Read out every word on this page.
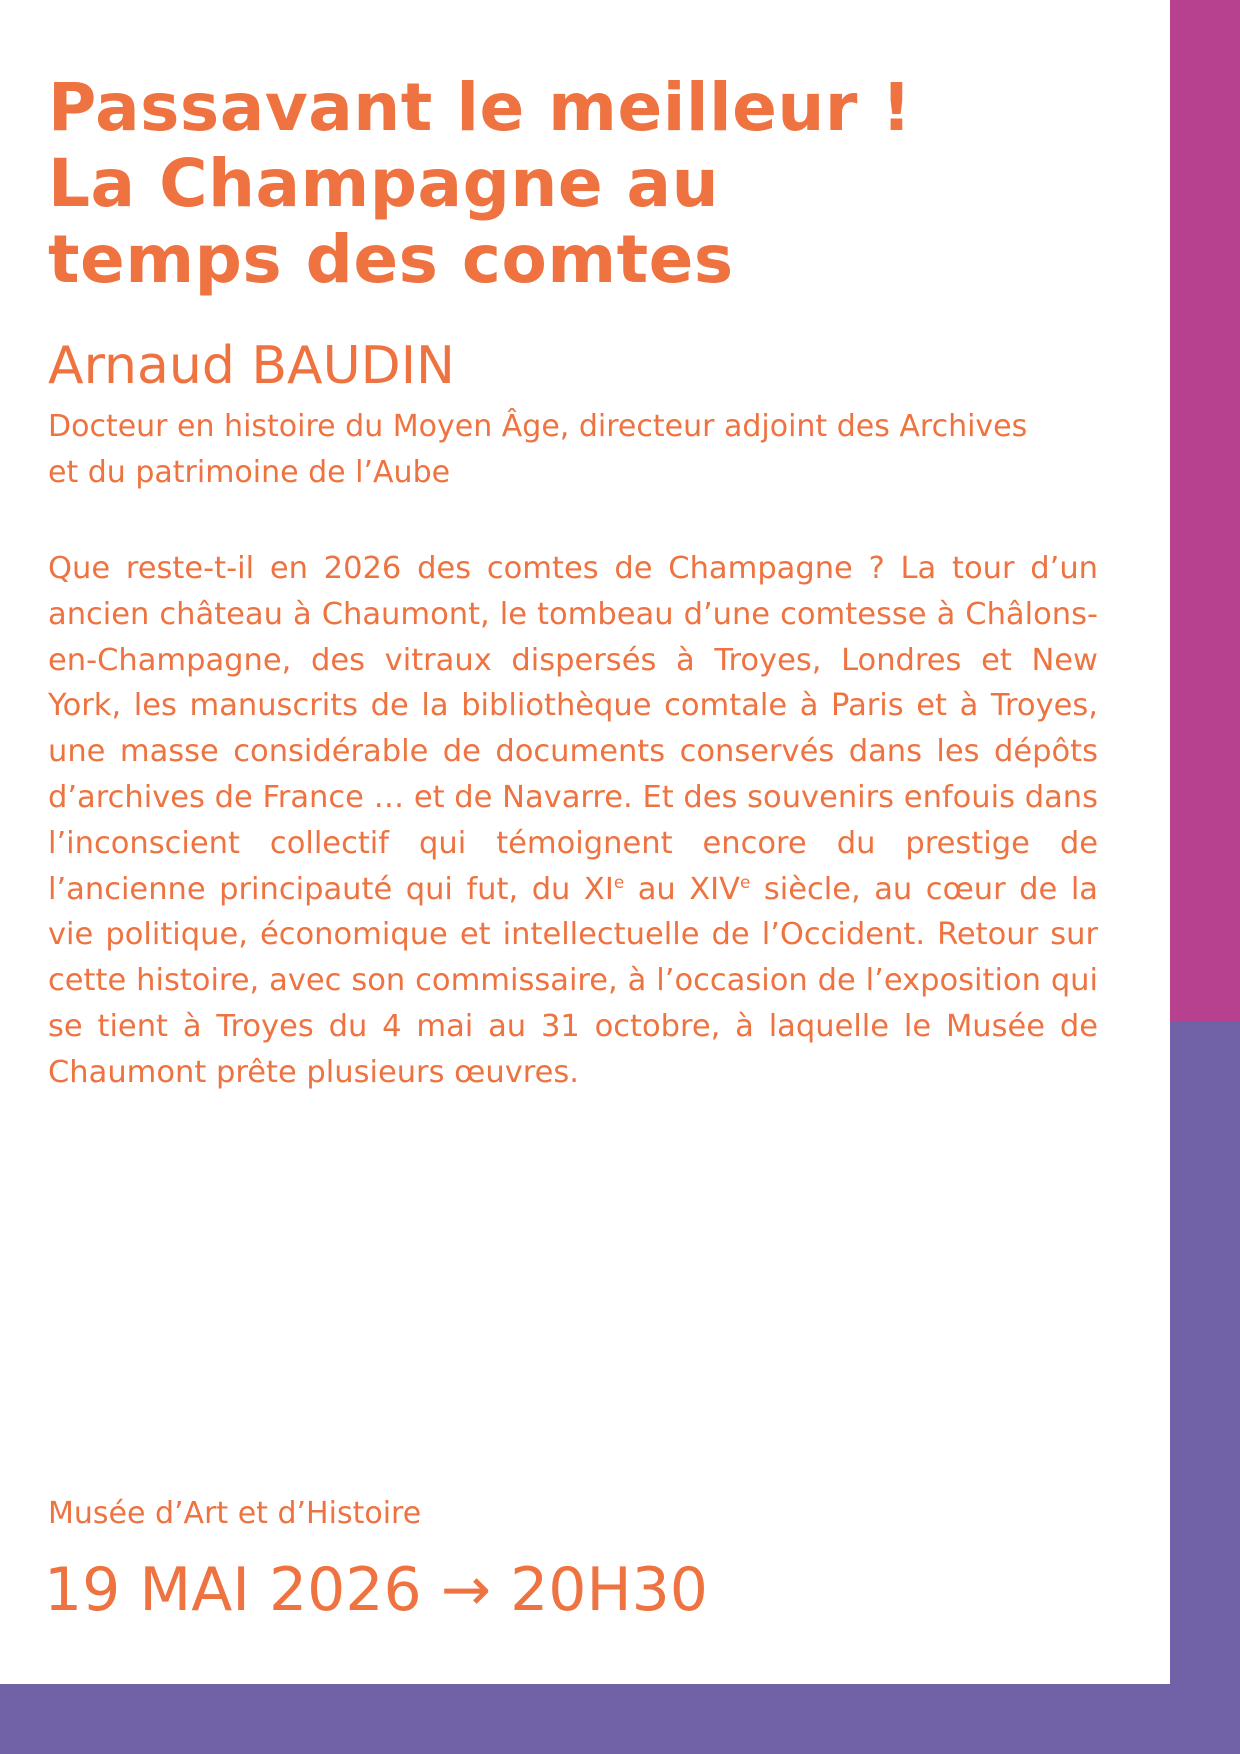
Passavant le meilleur !
La Champagne au
temps des comtes

Arnaud BAUDIN

Docteur en histoire du Moyen Âge, directeur adjoint des Archives et du patrimoine de l’Aube

Que reste-t-il en 2026 des comtes de Champagne ? La tour d’un ancien château à Chaumont, le tombeau d’une comtesse à Châlons-en-Champagne, des vitraux dispersés à Troyes, Londres et New York, les manuscrits de la bibliothèque comtale à Paris et à Troyes, une masse considérable de documents conservés dans les dépôts d’archives de France … et de Navarre. Et des souvenirs enfouis dans l’inconscient collectif qui témoignent encore du prestige de l’ancienne principauté qui fut, du XIe au XIVe siècle, au cœur de la vie politique, économique et intellectuelle de l’Occident. Retour sur cette histoire, avec son commissaire, à l’occasion de l’exposition qui se tient à Troyes du 4 mai au 31 octobre, à laquelle le Musée de Chaumont prête plusieurs œuvres.

Musée d’Art et d’Histoire

19 MAI 2026 → 20H30
